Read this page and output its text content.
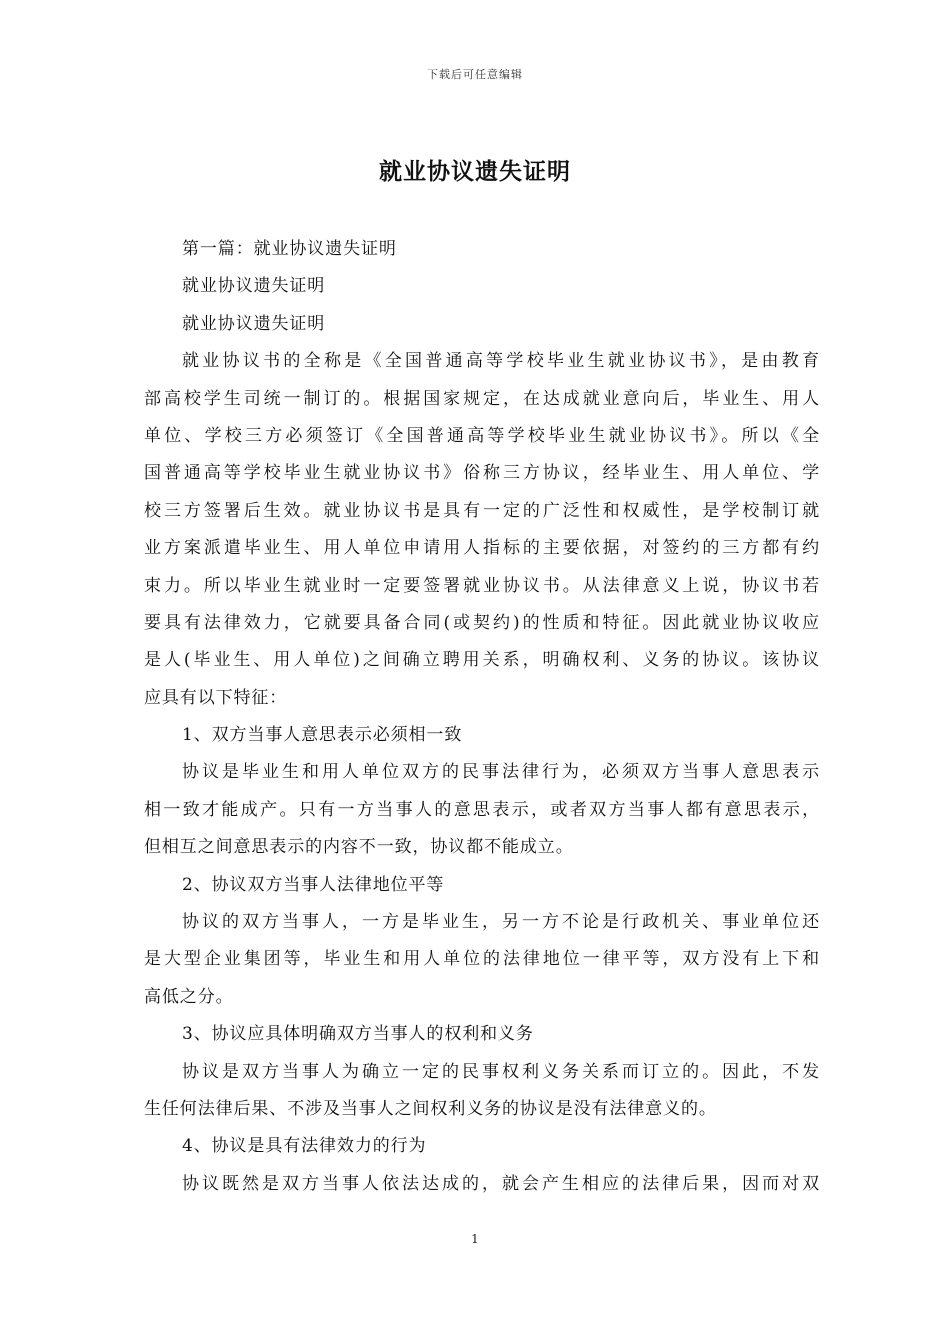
下载后可任意编辑
就业协议遗失证明
第一篇：就业协议遗失证明
就业协议遗失证明
就业协议遗失证明
就业协议书的全称是《全国普通高等学校毕业生就业协议书》，是由教育
部高校学生司统一制订的。根据国家规定，在达成就业意向后，毕业生、用人
单位、学校三方必须签订《全国普通高等学校毕业生就业协议书》。所以《全
国普通高等学校毕业生就业协议书》俗称三方协议，经毕业生、用人单位、学
校三方签署后生效。就业协议书是具有一定的广泛性和权威性，是学校制订就
业方案派遣毕业生、用人单位申请用人指标的主要依据，对签约的三方都有约
束力。所以毕业生就业时一定要签署就业协议书。从法律意义上说，协议书若
要具有法律效力，它就要具备合同(或契约)的性质和特征。因此就业协议收应
是人(毕业生、用人单位)之间确立聘用关系，明确权利、义务的协议。该协议
应具有以下特征：
1、双方当事人意思表示必须相一致
协议是毕业生和用人单位双方的民事法律行为，必须双方当事人意思表示
相一致才能成产。只有一方当事人的意思表示，或者双方当事人都有意思表示，
但相互之间意思表示的内容不一致，协议都不能成立。
2、协议双方当事人法律地位平等
协议的双方当事人，一方是毕业生，另一方不论是行政机关、事业单位还
是大型企业集团等，毕业生和用人单位的法律地位一律平等，双方没有上下和
高低之分。
3、协议应具体明确双方当事人的权利和义务
协议是双方当事人为确立一定的民事权利义务关系而订立的。因此，不发
生任何法律后果、不涉及当事人之间权利义务的协议是没有法律意义的。
4、协议是具有法律效力的行为
协议既然是双方当事人依法达成的，就会产生相应的法律后果，因而对双
1
